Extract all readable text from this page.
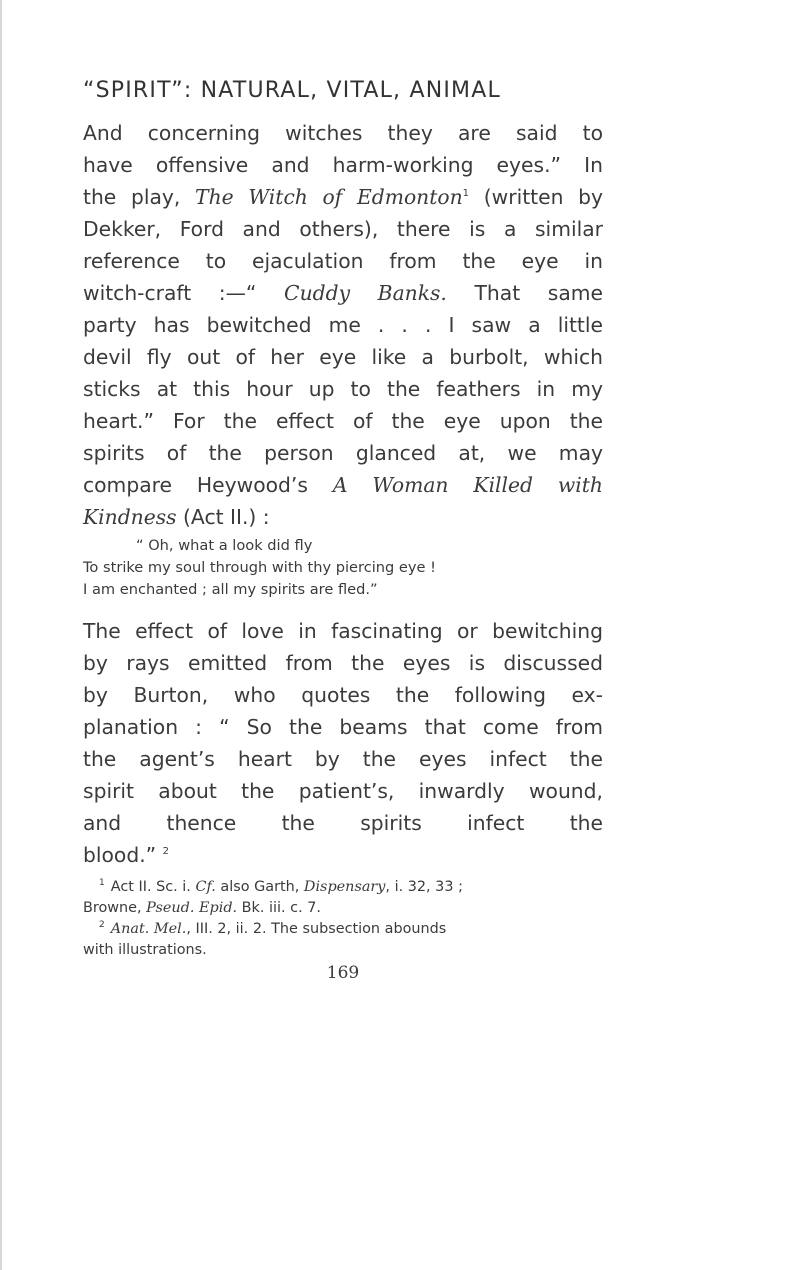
“SPIRIT”: NATURAL, VITAL, ANIMAL
And concerning witches they are said to
have offensive and harm-working eyes.” In
the play, The Witch of Edmonton$^1$ (written by
Dekker, Ford and others), there is a similar
reference to ejaculation from the eye in
witch-craft :—“ Cuddy Banks. That same
party has bewitched me . . . I saw a little
devil fly out of her eye like a burbolt, which
sticks at this hour up to the feathers in my
heart.” For the effect of the eye upon the
spirits of the person glanced at, we may
compare Heywood’s A Woman Killed with
Kindness (Act II.) :
“ Oh, what a look did fly
To strike my soul through with thy piercing eye !
I am enchanted ; all my spirits are fled.”
The effect of love in fascinating or bewitching
by rays emitted from the eyes is discussed
by Burton, who quotes the following ex-
planation : “ So the beams that come from
the agent’s heart by the eyes infect the
spirit about the patient’s, inwardly wound,
and thence the spirits infect the
blood.” $^2$
$^1$ Act II. Sc. i. Cf. also Garth, Dispensary, i. 32, 33 ;
Browne, Pseud. Epid. Bk. iii. c. 7.
$^2$ Anat. Mel., III. 2, ii. 2. The subsection abounds
with illustrations.
169
